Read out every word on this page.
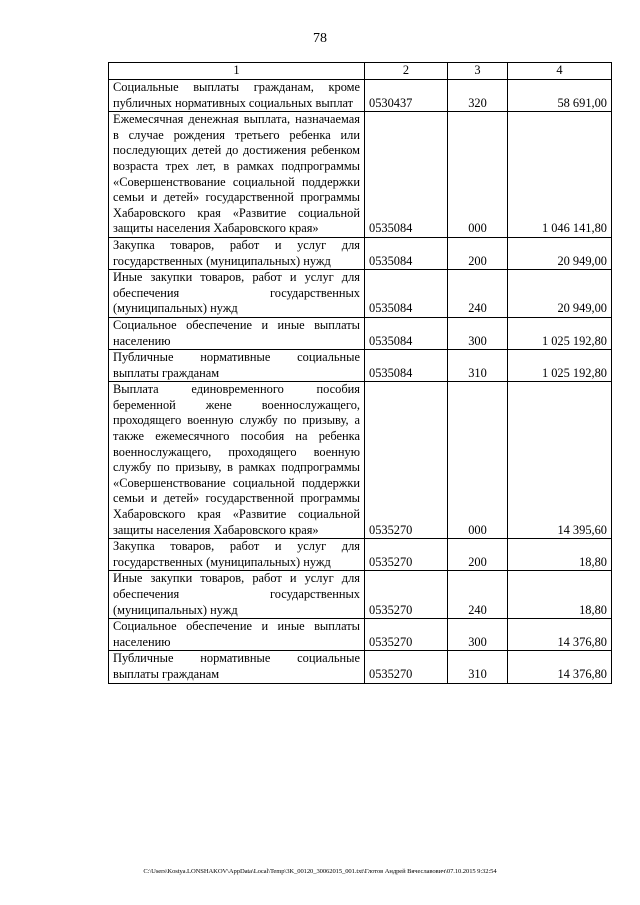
78
1	2	3	4
Социальные выплаты гражданам, кроме публичных нормативных социальных выплат	0530437	320	58 691,00
Ежемесячная денежная выплата, назначаемая в случае рождения третьего ребенка или последующих детей до достижения ребенком возраста трех лет, в рамках подпрограммы «Совершенствование социальной поддержки семьи и детей» государственной программы Хабаровского края «Развитие социальной защиты населения Хабаровского края»	0535084	000	1 046 141,80
Закупка товаров, работ и услуг для государственных (муниципальных) нужд	0535084	200	20 949,00
Иные закупки товаров, работ и услуг для обеспечения государственных (муниципальных) нужд	0535084	240	20 949,00
Социальное обеспечение и иные выплаты населению	0535084	300	1 025 192,80
Публичные нормативные социальные выплаты гражданам	0535084	310	1 025 192,80
Выплата единовременного пособия беременной жене военнослужащего, проходящего военную службу по призыву, а также ежемесячного пособия на ребенка военнослужащего, проходящего военную службу по призыву, в рамках подпрограммы «Совершенствование социальной поддержки семьи и детей» государственной программы Хабаровского края «Развитие социальной защиты населения Хабаровского края»	0535270	000	14 395,60
Закупка товаров, работ и услуг для государственных (муниципальных) нужд	0535270	200	18,80
Иные закупки товаров, работ и услуг для обеспечения государственных (муниципальных) нужд	0535270	240	18,80
Социальное обеспечение и иные выплаты населению	0535270	300	14 376,80
Публичные нормативные социальные выплаты гражданам	0535270	310	14 376,80
C:\Users\Kostya.LONSHAKOV\AppData\Local\Temp\3K_00120_30062015_001.txt\Глотов Андрей Вячеславович\07.10.2015 9:32:54
